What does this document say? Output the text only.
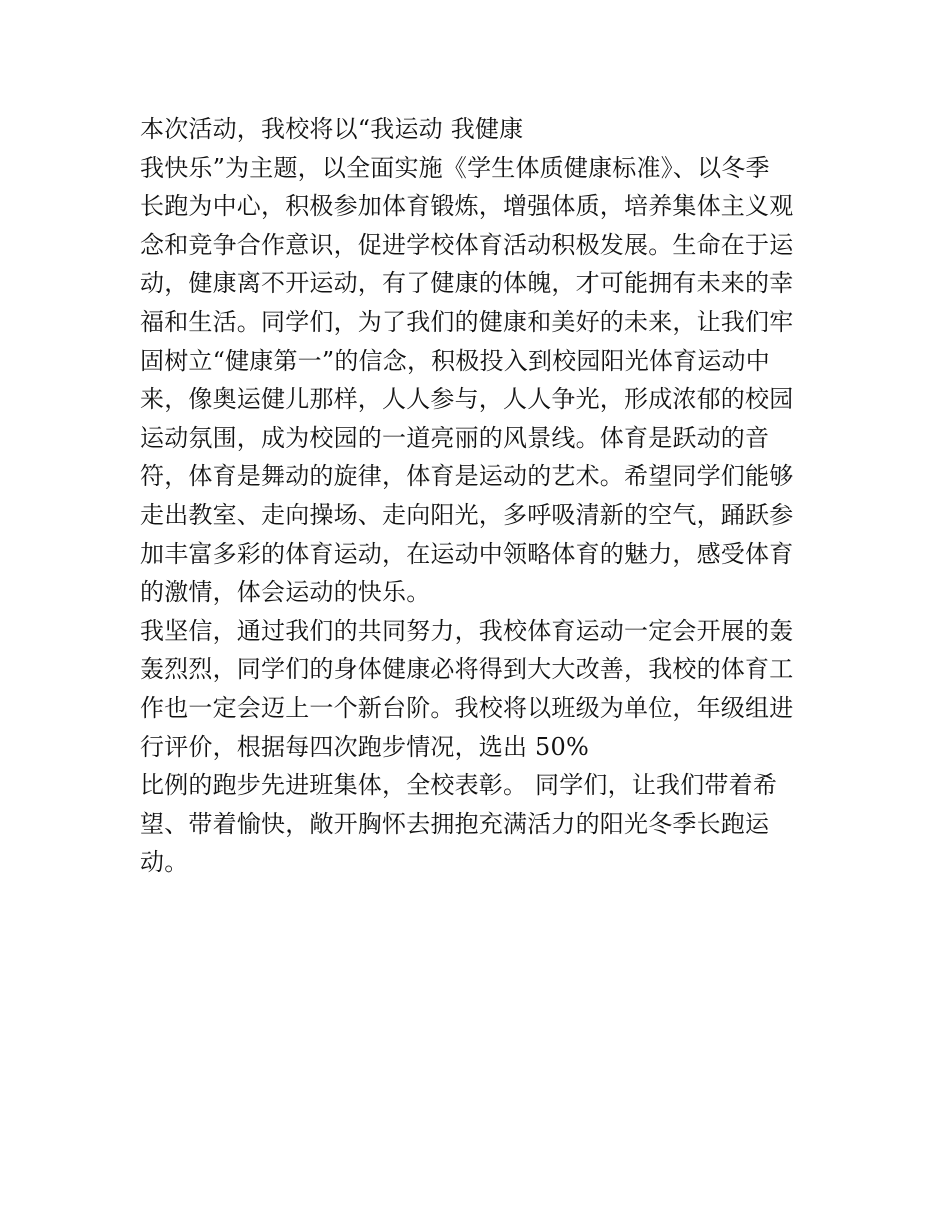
本次活动，我校将以“我运动 我健康
我快乐”为主题，以全面实施《学生体质健康标准》、以冬季
长跑为中心，积极参加体育锻炼，增强体质，培养集体主义观
念和竞争合作意识，促进学校体育活动积极发展。生命在于运
动，健康离不开运动，有了健康的体魄，才可能拥有未来的幸
福和生活。同学们，为了我们的健康和美好的未来，让我们牢
固树立“健康第一”的信念，积极投入到校园阳光体育运动中
来，像奥运健儿那样，人人参与，人人争光，形成浓郁的校园
运动氛围，成为校园的一道亮丽的风景线。体育是跃动的音
符，体育是舞动的旋律，体育是运动的艺术。希望同学们能够
走出教室、走向操场、走向阳光，多呼吸清新的空气，踊跃参
加丰富多彩的体育运动，在运动中领略体育的魅力，感受体育
的激情，体会运动的快乐。
我坚信，通过我们的共同努力，我校体育运动一定会开展的轰
轰烈烈，同学们的身体健康必将得到大大改善，我校的体育工
作也一定会迈上一个新台阶。我校将以班级为单位，年级组进
行评价，根据每四次跑步情况，选出 50%
比例的跑步先进班集体，全校表彰。 同学们，让我们带着希
望、带着愉快，敞开胸怀去拥抱充满活力的阳光冬季长跑运
动。
